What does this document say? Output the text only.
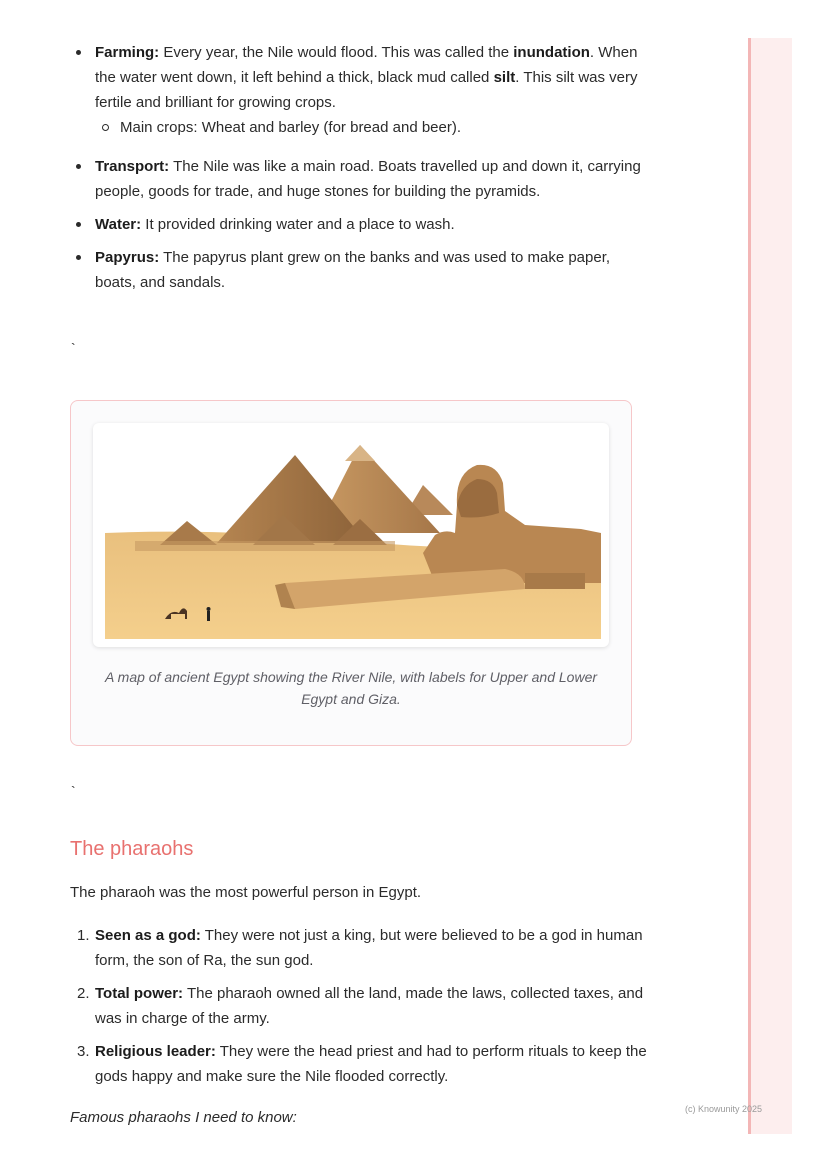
Farming: Every year, the Nile would flood. This was called the inundation. When the water went down, it left behind a thick, black mud called silt. This silt was very fertile and brilliant for growing crops.
Main crops: Wheat and barley (for bread and beer).
Transport: The Nile was like a main road. Boats travelled up and down it, carrying people, goods for trade, and huge stones for building the pyramids.
Water: It provided drinking water and a place to wash.
Papyrus: The papyrus plant grew on the banks and was used to make paper, boats, and sandals.
`
A map of ancient Egypt showing the River Nile, with labels for Upper and Lower Egypt and Giza.
`
The pharaohs

The pharaoh was the most powerful person in Egypt.

1. Seen as a god: They were not just a king, but were believed to be a god in human form, the son of Ra, the sun god.
2. Total power: The pharaoh owned all the land, made the laws, collected taxes, and was in charge of the army.
3. Religious leader: They were the head priest and had to perform rituals to keep the gods happy and make sure the Nile flooded correctly.
Famous pharaohs I need to know:	(c) Knowunity 2025
